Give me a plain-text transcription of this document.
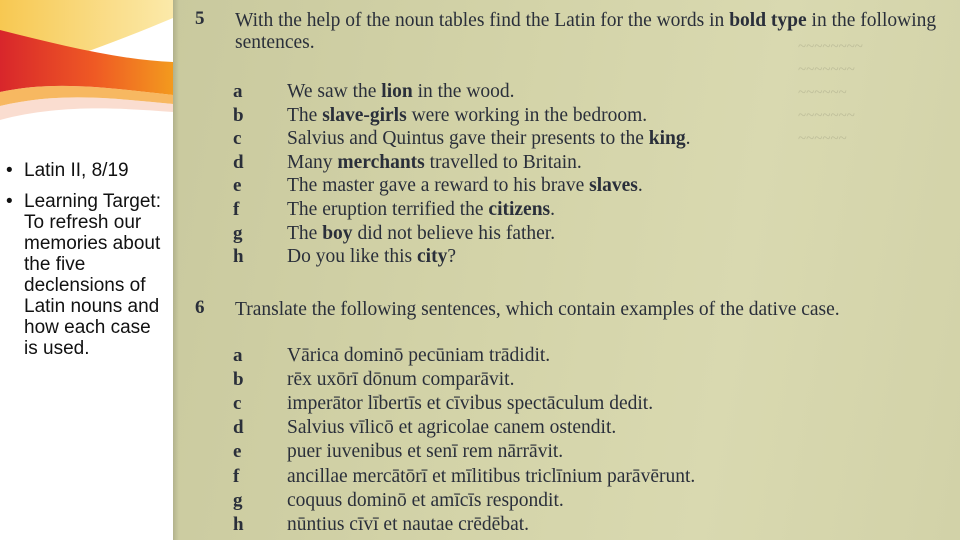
• Latin II, 8/19
• Learning Target: To refresh our memories about the five declensions of Latin nouns and how each case is used.
~~~~~~~~
~~~~~~~
~~~~~~
~~~~~~~
~~~~~~
5 With the help of the noun tables find the Latin for the words in bold type in the following sentences.
a We saw the lion in the wood.
b The slave-girls were working in the bedroom.
c Salvius and Quintus gave their presents to the king.
d Many merchants travelled to Britain.
e The master gave a reward to his brave slaves.
f The eruption terrified the citizens.
g The boy did not believe his father.
h Do you like this city?
6 Translate the following sentences, which contain examples of the dative case.
a Vārica dominō pecūniam trādidit.
b rēx uxōrī dōnum comparāvit.
c imperātor lībertīs et cīvibus spectāculum dedit.
d Salvius vīlicō et agricolae canem ostendit.
e puer iuvenibus et senī rem nārrāvit.
f ancillae mercātōrī et mīlitibus triclīnium parāvērunt.
g coquus dominō et amīcīs respondit.
h nūntius cīvī et nautae crēdēbat.
